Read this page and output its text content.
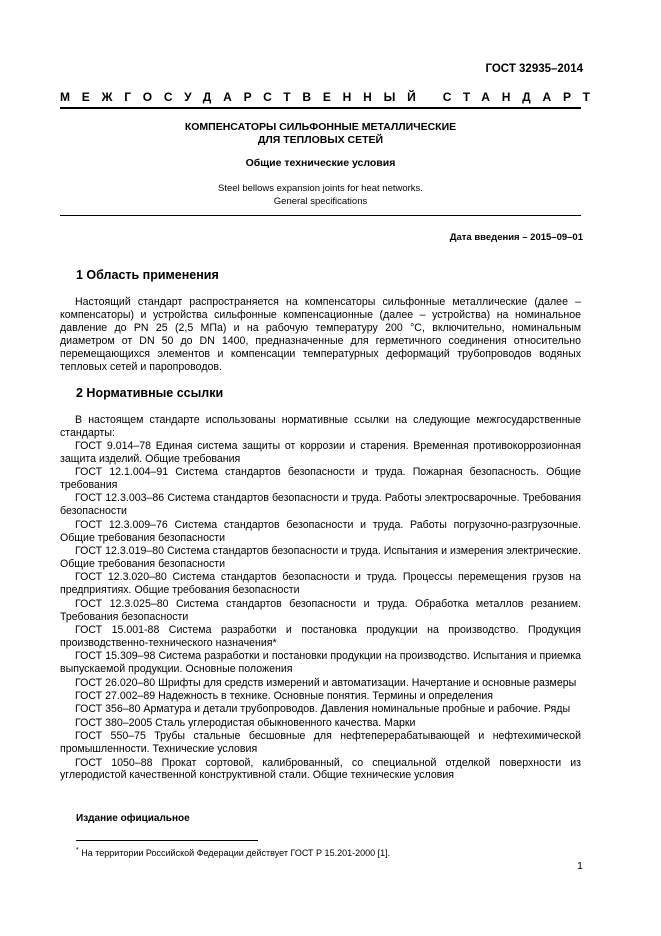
ГОСТ 32935–2014
МЕЖГОСУДАРСТВЕННЫЙ СТАНДАРТ
КОМПЕНСАТОРЫ СИЛЬФОННЫЕ МЕТАЛЛИЧЕСКИЕ
ДЛЯ ТЕПЛОВЫХ СЕТЕЙ
Общие технические условия
Steel bellows expansion joints for heat networks.
General specifications
Дата введения – 2015–09–01
1 Область применения

Настоящий стандарт распространяется на компенсаторы сильфонные металлические (далее – компенсаторы) и устройства сильфонные компенсационные (далее – устройства) на номинальное давление до PN 25 (2,5 МПа) и на рабочую температуру 200 °С, включительно, номинальным диаметром от DN 50 до DN 1400, предназначенные для герметичного соединения относительно перемещающихся элементов и компенсации температурных деформаций трубопроводов водяных тепловых сетей и паропроводов.

2 Нормативные ссылки

В настоящем стандарте использованы нормативные ссылки на следующие межгосударственные стандарты:

ГОСТ 9.014–78 Единая система защиты от коррозии и старения. Временная противокоррозионная защита изделий. Общие требования

ГОСТ 12.1.004–91 Система стандартов безопасности и труда. Пожарная безопасность. Общие требования

ГОСТ 12.3.003–86 Система стандартов безопасности и труда. Работы электросварочные. Требования безопасности

ГОСТ 12.3.009–76 Система стандартов безопасности и труда. Работы погрузочно-разгрузочные. Общие требования безопасности

ГОСТ 12.3.019–80 Система стандартов безопасности и труда. Испытания и измерения электрические. Общие требования безопасности

ГОСТ 12.3.020–80 Система стандартов безопасности и труда. Процессы перемещения грузов на предприятиях. Общие требования безопасности

ГОСТ 12.3.025–80 Система стандартов безопасности и труда. Обработка металлов резанием. Требования безопасности

ГОСТ 15.001-88 Система разработки и постановка продукции на производство. Продукция производственно-технического назначения*

ГОСТ 15.309–98 Система разработки и постановки продукции на производство. Испытания и приемка выпускаемой продукции. Основные положения

ГОСТ 26.020–80 Шрифты для средств измерений и автоматизации. Начертание и основные размеры

ГОСТ 27.002–89 Надежность в технике. Основные понятия. Термины и определения

ГОСТ 356–80 Арматура и детали трубопроводов. Давления номинальные пробные и рабочие. Ряды

ГОСТ 380–2005 Сталь углеродистая обыкновенного качества. Марки

ГОСТ 550–75 Трубы стальные бесшовные для нефтеперерабатывающей и нефтехимической промышленности. Технические условия

ГОСТ 1050–88 Прокат сортовой, калиброванный, со специальной отделкой поверхности из углеродистой качественной конструктивной стали. Общие технические условия

Издание официальное
* На территории Российской Федерации действует ГОСТ Р 15.201-2000 [1].
1
